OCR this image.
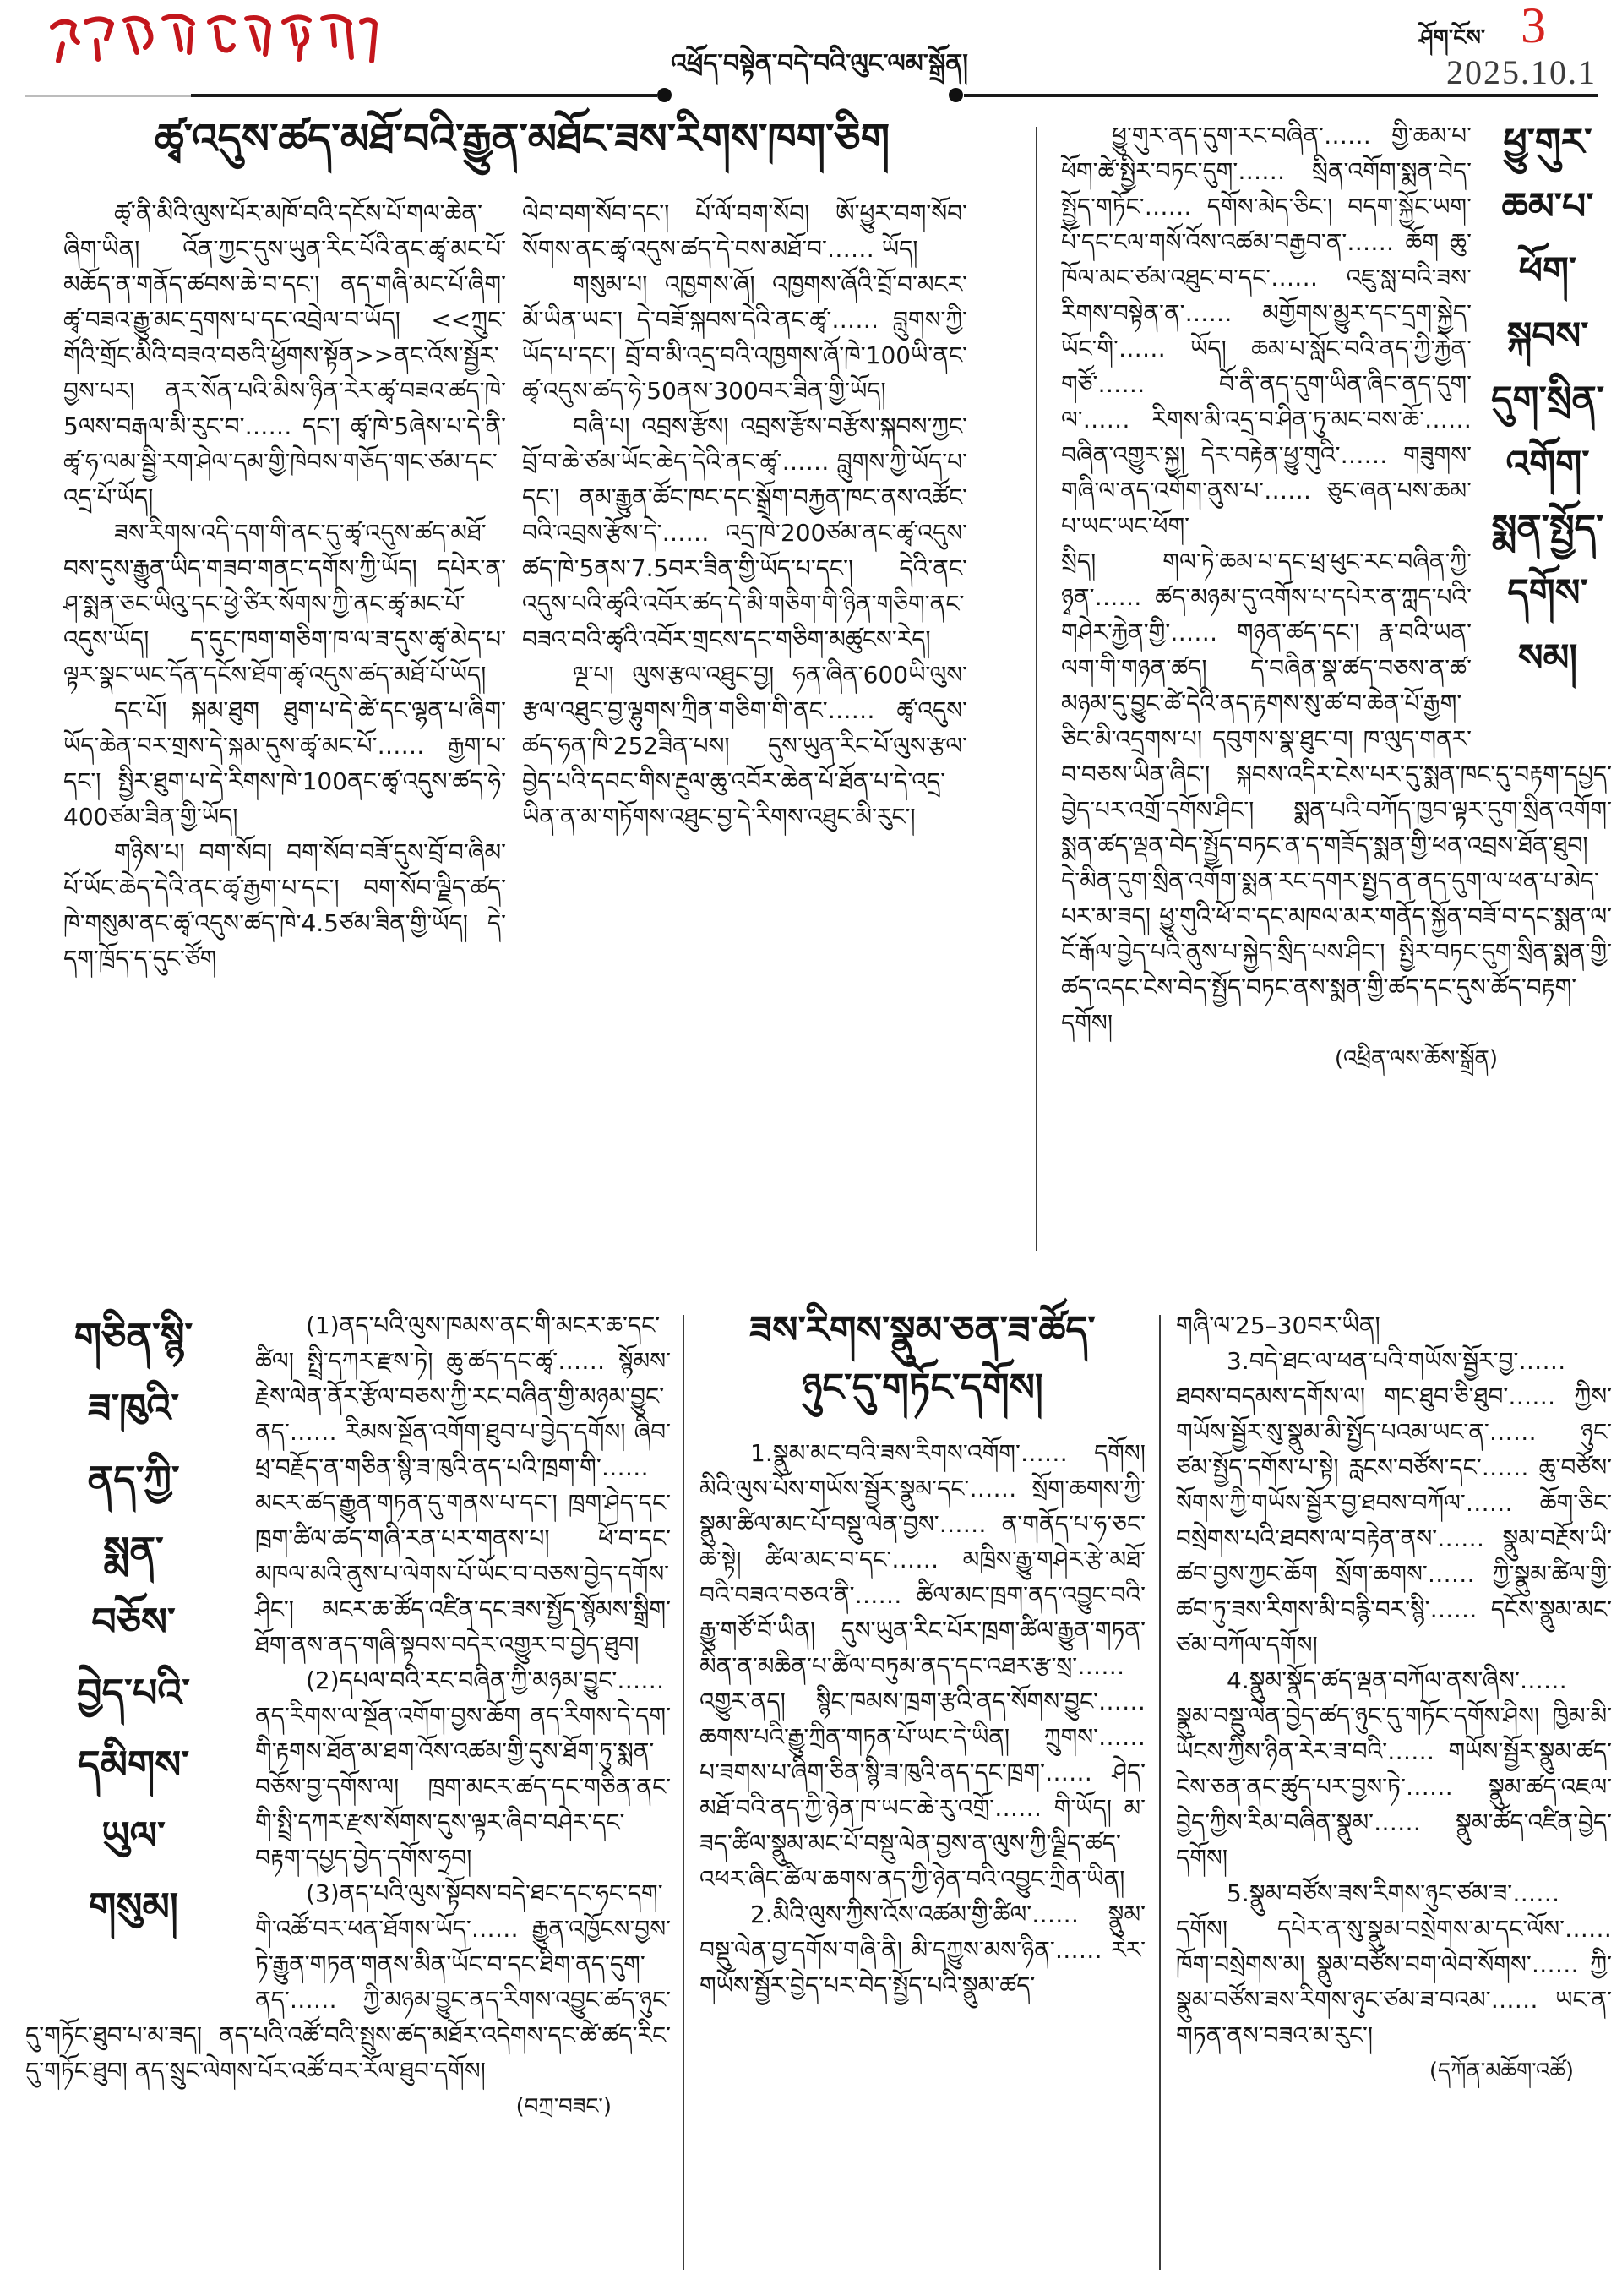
འཕྲོད་བསྟེན་བདེ་བའི་ལུང་ལམ་སྒྲོན།
ཤོག་ངོས་ 3
2025.10.1
ཚྭ་འདུས་ཚད་མཐོ་བའི་རྒྱུན་མཐོང་ཟས་རིགས་ཁག་ཅིག

ཚྭ་ནི་མིའི་ལུས་པོར་མཁོ་བའི་དངོས་པོ་གལ་ཆེན་ཞིག་ཡིན། འོན་ཀྱང་དུས་ཡུན་རིང་པོའི་ནང་ཚྭ་མང་པོ་མཆོད་ན་གནོད་ཚབས་ཆེ་བ་དང་། ནད་གཞི་མང་པོ་ཞིག་ཚྭ་བཟའ་རྒྱུ་མང་དྲགས་པ་དང་འབྲེལ་བ་ཡོད། <<ཀྲུང་གོའི་གྲོང་མིའི་བཟའ་བཅའི་ཕྱོགས་སྟོན>>ནང་འོས་སྦྱོར་བྱས་པར། ནར་སོན་པའི་མིས་ཉིན་རེར་ཚྭ་བཟའ་ཚད་ཁེ་5ལས་བརྒལ་མི་རུང་བ་…… དང་། ཚྭ་ཁེ་5ཞེས་པ་དེ་ནི་ཚྭ་ཧ་ལམ་སྦྱི་རག་ཤེལ་དམ་གྱི་ཁེབས་གཅོད་གང་ཙམ་དང་འདྲ་པོ་ཡོད།

ཟས་རིགས་འདི་དག་གི་ནང་དུ་ཚྭ་འདུས་ཚད་མཐོ་བས་དུས་རྒྱུན་ཡིད་གཟབ་གནང་དགོས་ཀྱི་ཡོད། དཔེར་ན་ཤ་སྨན་ཅང་ཡིའུ་དང་ཕྱེ་ཙིར་སོགས་ཀྱི་ནང་ཚྭ་མང་པོ་འདུས་ཡོད། ད་དུང་ཁག་གཅིག་ཁ་ལ་ཟ་དུས་ཚྭ་མེད་པ་ལྟར་སྣང་ཡང་དོན་དངོས་ཐོག་ཚྭ་འདུས་ཚད་མཐོ་པོ་ཡོད།

དང་པོ། སྐམ་ཐུག ཐུག་པ་དེ་ཚེ་དང་ལྷན་པ་ཞིག་ཡོད་ཆེན་བར་གྲས་དེ་སྐམ་དུས་ཚྭ་མང་པོ་…… རྒྱག་པ་དང་། སྤྱིར་ཐུག་པ་དེ་རིགས་ཁེ་100ནང་ཚྭ་འདུས་ཚད་ཧེ་400ཙམ་ཟིན་གྱི་ཡོད།

གཉིས་པ། བག་སོབ། བག་སོབ་བཟོ་དུས་བྲོ་བ་ཞིམ་པོ་ཡོང་ཆེད་དེའི་ནང་ཚྭ་རྒྱག་པ་དང་། བག་སོབ་ལྗིད་ཚད་ཁེ་གསུམ་ནང་ཚྭ་འདུས་ཚད་ཁེ་4.5ཙམ་ཟིན་གྱི་ཡོད། དེ་དག་ཁྲོད་ད་དུང་ཙོག

ལེབ་བག་སོབ་དང་། པོ་ལོ་བག་སོབ། ཨོ་ཕྱུར་བག་སོབ་སོགས་ནང་ཚྭ་འདུས་ཚད་དེ་བས་མཐོ་བ་…… ཡོད།

གསུམ་པ། འཁྱགས་ཞོ། འཁྱགས་ཞོའི་བྲོ་བ་མངར་མོ་ཡིན་ཡང་། དེ་བཟོ་སྐབས་དེའི་ནང་ཚྭ་…… བླུགས་ཀྱི་ཡོད་པ་དང་། བྲོ་བ་མི་འདྲ་བའི་འཁྱགས་ཞོ་ཁེ་100ཡི་ནང་ཚྭ་འདུས་ཚད་ཧེ་50ནས་300བར་ཟིན་གྱི་ཡོད།

བཞི་པ། འབྲས་རྩོས། འབྲས་རྩོས་བརྩོས་སྐབས་ཀྱང་བྲོ་བ་ཆེ་ཙམ་ཡོང་ཆེད་དེའི་ནང་ཚྭ་…… བླུགས་ཀྱི་ཡོད་པ་དང་། ནམ་རྒྱུན་ཚོང་ཁང་དང་སྒྲོག་བརྐྱན་ཁང་ནས་འཚོང་བའི་འབྲས་རྩོས་དེ་…… འདྲ་ཁེ་200ཙམ་ནང་ཚྭ་འདུས་ཚད་ཁེ་5ནས་7.5བར་ཟིན་གྱི་ཡོད་པ་དང་། དེའི་ནང་འདུས་པའི་ཚྭའི་འབོར་ཚད་དེ་མི་གཅིག་གི་ཉིན་གཅིག་ནང་བཟའ་བའི་ཚྭའི་འབོར་གྲངས་དང་གཅིག་མཚུངས་རེད།

ལྔ་པ། ལུས་རྩལ་འཐུང་བྱ། ཧན་ཞིན་600ཡི་ལུས་རྩལ་འཐུང་བྱ་ལྷུགས་ཀྲིན་གཅིག་གི་ནང་…… ཚྭ་འདུས་ཚད་ཧན་ཁི་252ཟིན་པས། དུས་ཡུན་རིང་པོ་ལུས་རྩལ་བྱེད་པའི་དབང་གིས་རྔུལ་ཆུ་འབོར་ཆེན་པོ་ཐོན་པ་དེ་འདྲ་ཡིན་ན་མ་གཏོགས་འཐུང་བྱ་དེ་རིགས་འཐུང་མི་རུང་།

ཕྱུ་གུར་
ཆམ་པ་
ཕོག་
སྐབས་
དུག་སྲིན་
འགོག་
སྨན་སྤྱོད་
དགོས་
སམ།

ཕྱུ་གུར་ནད་དུག་རང་བཞིན་…… གྱི་ཆམ་པ་ཕོག་ཚེ་སྤྱིར་བཏང་དུག་…… སྲིན་འགོག་སྨན་བེད་སྤྱོད་གཏོང་…… དགོས་མེད་ཅིང་། བདག་སྐྱོང་ཡག་པོ་དང་ངལ་གསོ་འོས་འཚམ་བརྒྱབ་ན་…… ཆོག ཆུ་ཁོལ་མང་ཙམ་འཐུང་བ་དང་…… འཇུ་སླ་བའི་ཟས་རིགས་བསྟེན་ན་…… མགྱོགས་མྱུར་དང་དྲག་སྐྱེད་ཡོང་གི་…… ཡོད། ཆམ་པ་སློང་བའི་ནད་ཀྱི་རྐྱེན་གཙོ་…… བོ་ནི་ནད་དུག་ཡིན་ཞིང་ནད་དུག་ལ་…… རིགས་མི་འདྲ་བ་ཤིན་ཏུ་མང་བས་ཆོ་…… བཞིན་འགྱུར་སྐྱ། དེར་བརྟེན་ཕྱུ་གུའི་…… གཟུགས་གཞི་ལ་ནད་འགོག་ནུས་པ་…… ཅུང་ཞན་པས་ཆམ་པ་ཡང་ཡང་ཕོག་

སྲིད། གལ་ཏེ་ཆམ་པ་དང་ཕྲ་ཕུང་རང་བཞིན་ཀྱི་ཉྭན་…… ཚད་མཉམ་དུ་འགོས་པ་དཔེར་ན་ཀླད་པའི་གཤེར་རྐྱེན་གྱི་…… གཉན་ཚད་དང་། རྣ་བའི་ཡན་ལག་གི་གཉན་ཚད། དེ་བཞིན་སྣ་ཚད་བཅས་ན་ཚ་མཉམ་དུ་བྱུང་ཚེ་དེའི་ནད་རྟགས་སུ་ཚ་བ་ཆེན་པོ་རྒྱག་ཅིང་མི་འདྲགས་པ། དབུགས་སྣ་ཐུང་བ། ཁ་ལུད་གནར་བ་བཅས་ཡིན་ཞིང་། སྐབས་འདིར་ངེས་པར་དུ་སྨན་ཁང་དུ་བརྟག་དཔྱད་བྱེད་པར་འགྲོ་དགོས་ཤིང་། སྨན་པའི་བཀོད་ཁྱབ་ལྟར་དུག་སྲིན་འགོག་སྨན་ཚད་ལྡན་བེད་སྤྱོད་བཏང་ན་ད་གཟོད་སྨན་གྱི་ཕན་འབྲས་ཐོན་ཐུབ། དེ་མིན་དུག་སྲིན་འགོག་སྨན་རང་དགར་སྤྱད་ན་ནད་དུག་ལ་ཕན་པ་མེད་པར་མ་ཟད། ཕྱུ་གུའི་ཕོ་བ་དང་མཁལ་མར་གནོད་སྐྱོན་བཟོ་བ་དང་སྨན་ལ་ངོ་རྒོལ་བྱེད་པའི་ནུས་པ་སྐྱེད་སྲིད་པས་ཤིང་། སྤྱིར་བཏང་དུག་སྲིན་སྨན་གྱི་ཚད་འདང་ངེས་བེད་སྤྱོད་བཏང་ནས་སྨན་གྱི་ཚད་དང་དུས་ཚོད་བརྟག་དགོས།

(འཕྲིན་ལས་ཆོས་སྒྲོན)

གཅིན་སྙི་
ཟ་ཁུའི་
ནད་ཀྱི་
སྨན་
བཅོས་
བྱེད་པའི་
དམིགས་
ཡུལ་
གསུམ།

(1)ནད་པའི་ལུས་ཁམས་ནང་གི་མངར་ཆ་དང་ཚིལ། སྤྲི་དཀར་རྫས་ཏེ། ཆུ་ཚད་དང་ཚྭ་…… སྙོམས་རྗེས་ལེན་ནོར་རྩོལ་བཅས་ཀྱི་རང་བཞིན་གྱི་མཉམ་བྱུང་ནད་…… རིམས་སྔོན་འགོག་ཐུབ་པ་བྱེད་དགོས། ཞིབ་ཕྲ་བརྗོད་ན་གཅིན་སྙི་ཟ་ཁུའི་ནད་པའི་ཁྲག་གི་…… མངར་ཚད་རྒྱུན་གཏན་དུ་གནས་པ་དང་། ཁྲག་ཤེད་དང་ཁྲག་ཚིལ་ཚད་གཞི་རན་པར་གནས་པ། ཕོ་བ་དང་མཁལ་མའི་ནུས་པ་ལེགས་པོ་ཡོང་བ་བཅས་བྱེད་དགོས་ཤིང་། མངར་ཆ་ཚོད་འཛིན་དང་ཟས་སྤྱོད་སྙོམས་སྒྲིག་ཐོག་ནས་ནད་གཞི་སྟབས་བདེར་འགྱུར་བ་བྱེད་ཐུབ།

(2)དཔལ་བའི་རང་བཞིན་ཀྱི་མཉམ་བྱུང་…… ནད་རིགས་ལ་སྔོན་འགོག་བྱས་ཆོག ནད་རིགས་དེ་དག་གི་རྟགས་ཐོན་མ་ཐག་འོས་འཚམ་གྱི་དུས་ཐོག་ཏུ་སྨན་བཅོས་བྱ་དགོས་ལ། ཁྲག་མངར་ཚད་དང་གཅིན་ནང་གི་སྤྲི་དཀར་རྫས་སོགས་དུས་ལྟར་ཞིབ་བཤེར་དང་བརྟག་དཔྱད་བྱེད་དགོས་ཧྲབ།

(3)ནད་པའི་ལུས་སྟོབས་བདེ་ཐང་དང་ཧང་དག་གི་འཚོ་བར་ཕན་ཐོགས་ཡོད་…… རྒྱུན་འཁྱོངས་བྱས་ཏེ་རྒྱུན་གཏན་གནས་མིན་ཡོང་བ་དང་ཐིག་ནད་དུག་ནད་…… ཀྱི་མཉམ་བྱུང་ནད་རིགས་འབྱུང་ཚད་ཉུང་དུ་གཏོང་ཐུབ་པ་མ་ཟད། ནད་པའི་འཚོ་བའི་སྤུས་ཚད་མཐོར་འདེགས་དང་ཚེ་ཚད་རིང་དུ་གཏོང་ཐུབ། ནད་སྲུང་ལེགས་པོར་འཚོ་བར་རོལ་ཐུབ་དགོས།

(བཀྲ་བཟང་)

ཟས་རིགས་སྣུམ་ཅན་ཟ་ཚོད་
ཉུང་དུ་གཏོང་དགོས།

1.སྣུམ་མང་བའི་ཟས་རིགས་འགོག་…… དགོས། མིའི་ལུས་པོས་གཡོས་སྦྱོར་སྣུམ་དང་…… སྲོག་ཆགས་ཀྱི་སྣུམ་ཚིལ་མང་པོ་བསྡུ་ལེན་བྱས་…… ན་གནོད་པ་ཧ་ཅང་ཆེ་སྟེ། ཚིལ་མང་བ་དང་…… མཁྲིས་རྒྱུ་གཤེར་རྩེ་མཐོ་བའི་བཟའ་བཅའ་ནི་…… ཚིལ་མང་ཁྲག་ནད་འབྱུང་བའི་རྒྱུ་གཙོ་བོ་ཡིན། དུས་ཡུན་རིང་པོར་ཁྲག་ཚིལ་རྒྱུན་གཏན་མིན་ན་མཆིན་པ་ཚིལ་བཏུམ་ནད་དང་འཐར་རྩ་སྲ་…… འགྱུར་ནད། སྙིང་ཁམས་ཁྲག་རྩའི་ནད་སོགས་བྱུང་…… ཆགས་པའི་རྒྱུ་ཀྲིན་གཏན་པོ་ཡང་དེ་ཡིན། ཀྲུགས་…… པ་ཟགས་པ་ཞིག་ཅིན་སྙི་ཟ་ཁུའི་ནད་དང་ཁྲག་…… ཤེད་མཐོ་བའི་ནད་ཀྱི་ཉེན་ཁ་ཡང་ཆེ་རུ་འགྲོ་…… གི་ཡོད། མ་ཟད་ཚིལ་སྣུམ་མང་པོ་བསྡུ་ལེན་བྱས་ན་ལུས་ཀྱི་ལྗིད་ཚད་འཕར་ཞིང་ཚིལ་ཆགས་ནད་ཀྱི་ཉེན་བའི་འབྱུང་ཀྲིན་ཡིན།

2.མིའི་ལུས་ཀྱིས་འོས་འཚམ་གྱི་ཚིལ་…… སྣུམ་བསྡུ་ལེན་བྱ་དགོས་གཞི་ནི། མི་དཀྱུས་མས་ཉིན་…… རེར་གཡོས་སྦྱོར་བྱེད་པར་བེད་སྤྱོད་པའི་སྣུམ་ཚད་

གཞི་ལ་25–30བར་ཡིན།

3.བདེ་ཐང་ལ་ཕན་པའི་གཡོས་སྦྱོར་བྱ་…… ཐབས་བདམས་དགོས་ལ། གང་ཐུབ་ཅི་ཐུབ་…… ཀྱིས་གཡོས་སྦྱོར་སུ་སྣུམ་མི་སྤྱོད་པའམ་ཡང་ན་…… ཉུང་ཙམ་སྤྱོད་དགོས་པ་སྟེ། རླངས་བཙོས་དང་…… ཆུ་བཙོས་སོགས་ཀྱི་གཡོས་སྦྱོར་བྱ་ཐབས་བཀོལ་…… ཆོག་ཅིང་བསྲེགས་པའི་ཐབས་ལ་བརྟེན་ནས་…… སྣུམ་བརྔོས་ཡི་ཚབ་བྱས་ཀྱང་ཆོག སྲོག་ཆགས་…… ཀྱི་སྣུམ་ཚིལ་གྱི་ཚབ་ཏུ་ཟས་རིགས་མི་བརྙི་བར་སྙི་…… དངོས་སྣུམ་མང་ཙམ་བཀོལ་དགོས།

4.སྣུམ་སྣོད་ཚད་ལྡན་བཀོལ་ནས་ཞིས་…… སྣུམ་བསྡུ་ལེན་བྱེད་ཚད་ཉུང་དུ་གཏོང་དགོས་ཤིས། ཁྱིམ་མི་ཡོངས་ཀྱིས་ཉིན་རེར་ཟ་བའི་…… གཡོས་སྦྱོར་སྣུམ་ཚད་ངེས་ཅན་ནང་ཚུད་པར་བྱས་ཏེ་…… སྣུམ་ཚད་འཇལ་བྱེད་ཀྱིས་རིམ་བཞིན་སྣུམ་…… སྣུམ་ཚོད་འཛིན་བྱེད་དགོས།

5.སྣུམ་བཙོས་ཟས་རིགས་ཉུང་ཙམ་ཟ་…… དགོས། དཔེར་ན་སུ་སྣུམ་བསྲེགས་མ་དང་ལོས་…… ཁོག་བསྲེགས་མ། སྣུམ་བཙོས་བག་ལེབ་སོགས་…… ཀྱི་སྣུམ་བཙོས་ཟས་རིགས་ཉུང་ཙམ་ཟ་བའམ་…… ཡང་ན་གཏན་ནས་བཟའ་མ་རུང་།

(དཀོན་མཆོག་འཚོ)
